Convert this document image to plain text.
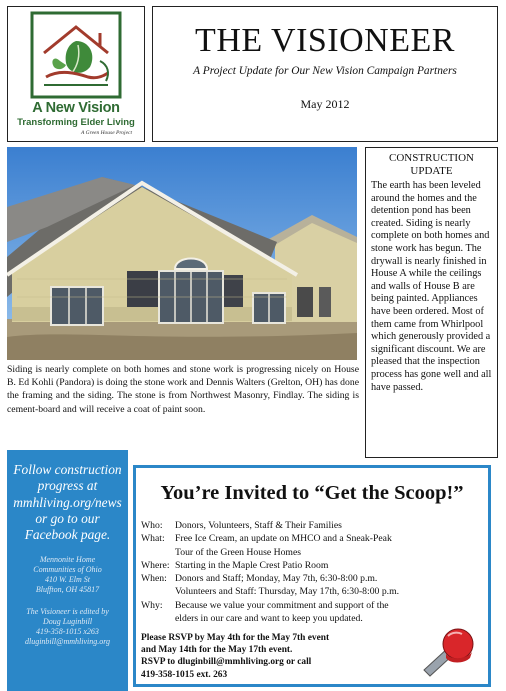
A New Vision
Transforming Elder Living
A Green House Project
THE VISIONEER
A Project Update for Our New Vision Campaign Partners
May 2012
Siding is nearly complete on both homes and stone work is progressing nicely on House B. Ed Kohli (Pandora) is doing the stone work and Dennis Walters (Grelton, OH) has done the framing and the siding. The stone is from Northwest Masonry, Findlay. The siding is cement-board and will receive a coat of paint soon.
CONSTRUCTION
UPDATE
The earth has been leveled around the homes and the detention pond has been created. Siding is nearly complete on both homes and stone work has begun. The drywall is nearly finished in House A while the ceilings and walls of House B are being painted. Appliances have been ordered. Most of them came from Whirlpool which generously provided a significant discount. We are pleased that the inspection process has gone well and all have passed.
Follow construction progress at mmhliving.org/news or go to our Facebook page.
Mennonite Home
Communities of Ohio
410 W. Elm St
Bluffton, OH 45817
The Visioneer is edited by
Doug Luginbill
419-358-1015 x263
dluginbill@mmhliving.org
You’re Invited to “Get the Scoop!”
Who:	Donors, Volunteers, Staff & Their Families
What:	Free Ice Cream, an update on MHCO and a Sneak-Peak
Tour of the Green House Homes
Where: Starting in the Maple Crest Patio Room
When: Donors and Staff; Monday, May 7th, 6:30-8:00 p.m.
Volunteers and Staff: Thursday, May 17th, 6:30-8:00 p.m.
Why:	Because we value your commitment and support of the
elders in our care and want to keep you updated.
Please RSVP by May 4th for the May 7th event
and May 14th for the May 17th event.
RSVP to dluginbill@mmhliving.org or call
419-358-1015 ext. 263
